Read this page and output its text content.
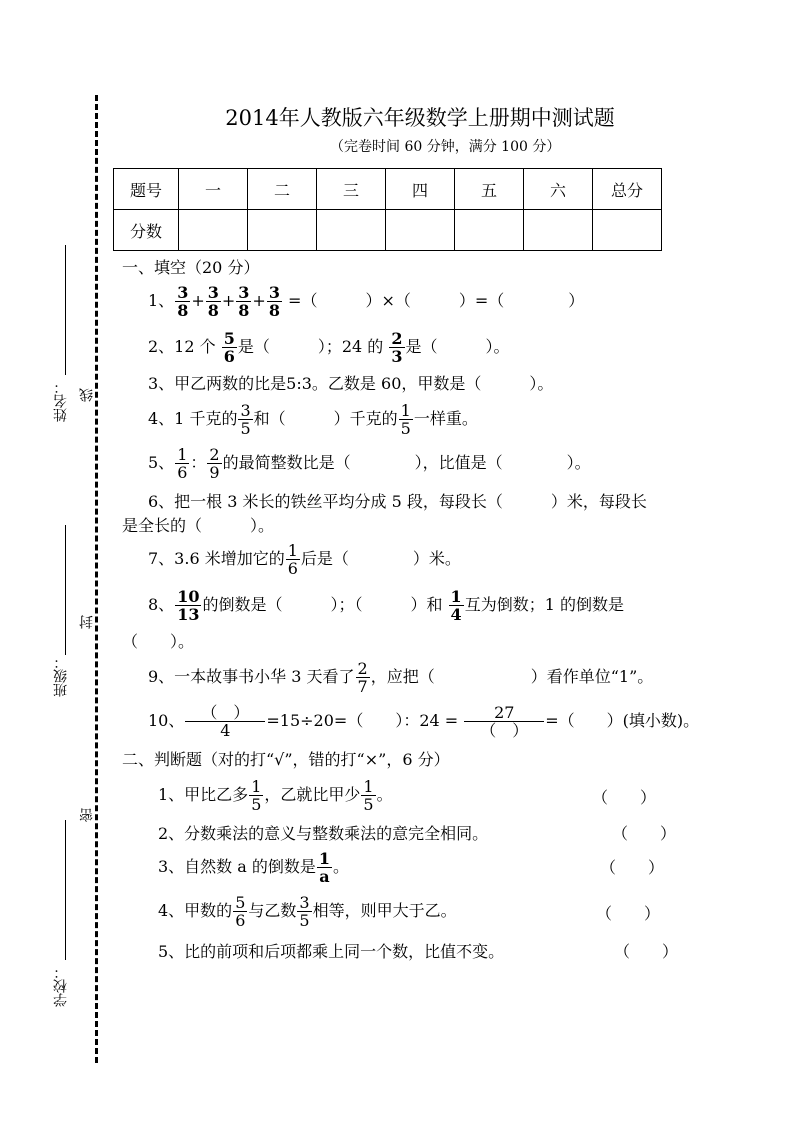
姓名： 线
班级：
封
密
学校：
2014年人教版六年级数学上册期中测试题
（完卷时间 60 分钟，满分 100 分）
题号	一	二	三	四	五	六	总分
分数							
一、填空（20 分）
1、 $\frac{3}{8} + \frac{3}{8} + \frac{3}{8} + \frac{3}{8}$ =（　　　）×（　　　）=（　　　　）
2、12 个 $\frac{5}{6}$ 是（　　　）；24 的 $\frac{2}{3}$ 是（　　　）。
3、甲乙两数的比是5:3。乙数是 60，甲数是（　　　）。
4、1 千克的 $\frac{3}{5}$ 和（　　　）千克的 $\frac{1}{5}$ 一样重。
5、 $\frac{1}{6}$ ： $\frac{2}{9}$ 的最简整数比是（　　　　），比值是（　　　　）。
6、把一根 3 米长的铁丝平均分成 5 段，每段长（　　　）米，每段长
是全长的（　　　）。
7、3.6 米增加它的 $\frac{1}{6}$ 后是（　　　　）米。
8、 $\frac{10}{13}$ 的倒数是（　　　）；（　　　）和 $\frac{1}{4}$ 互为倒数；1 的倒数是
（　　）。
9、一本故事书小华 3 天看了 $\frac{2}{7}$ ，应把（　　　　　　）看作单位“1”。
10、 $\frac{( )}{4} =15\div 20=$（　　）：$24 = \frac{27}{( )}$ =（　　）(填小数)。
二、判断题（对的打“√”，错的打“×”，6 分）
1、甲比乙多 $\frac{1}{5}$ ，乙就比甲少 $\frac{1}{5}$ 。	（　　）
2、分数乘法的意义与整数乘法的意完全相同。	（　　）
3、自然数 a 的倒数是 $\frac{1}{a}$ 。	（　　）
4、甲数的 $\frac{5}{6}$ 与乙数 $\frac{3}{5}$ 相等，则甲大于乙。	（　　）
5、比的前项和后项都乘上同一个数，比值不变。	（　　）
